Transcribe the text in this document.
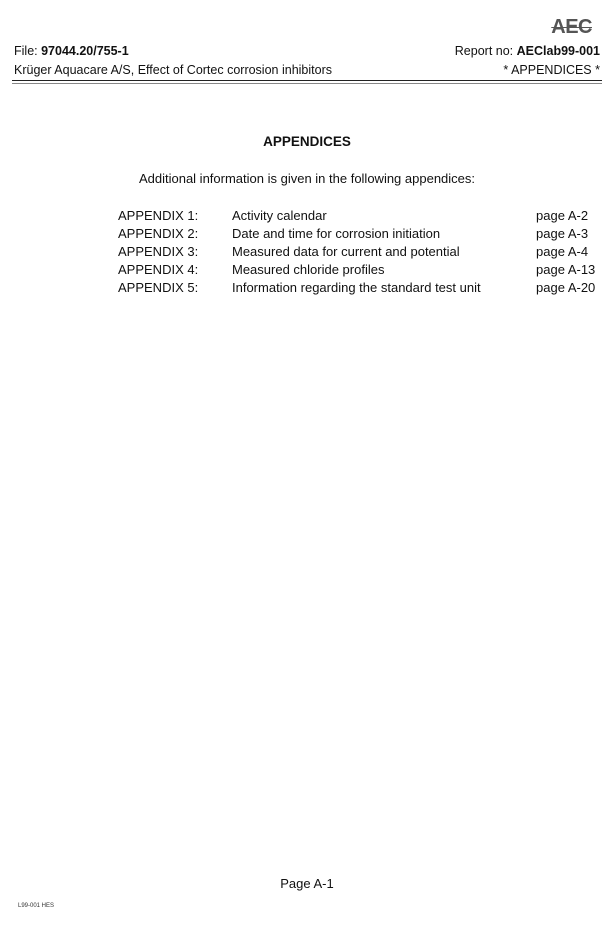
AEC
File: 97044.20/755-1	Report no: AEClab99-001
Krüger Aquacare A/S, Effect of Cortec corrosion inhibitors	* APPENDICES *
APPENDICES
Additional information is given in the following appendices:
APPENDIX 1:	Activity calendar	page A-2
APPENDIX 2:	Date and time for corrosion initiation	page A-3
APPENDIX 3:	Measured data for current and potential	page A-4
APPENDIX 4:	Measured chloride profiles	page A-13
APPENDIX 5:	Information regarding the standard test unit	page A-20
Page A-1
L99-001 HES
